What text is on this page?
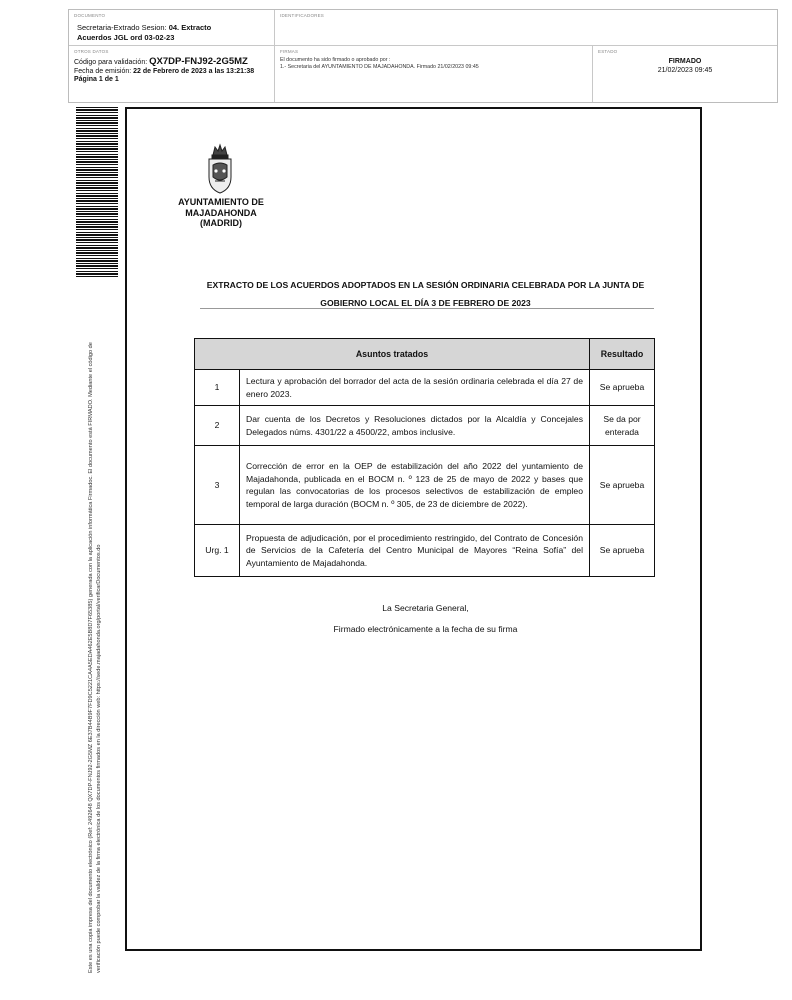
DOCUMENTO
Secretaria-Extrado Sesion: 04. Extracto
Acuerdos JGL ord 03-02-23
IDENTIFICADORES
OTROS DATOS
Código para validación: QX7DP-FNJ92-2G5MZ
Fecha de emisión: 22 de Febrero de 2023 a las 13:21:38
Página 1 de 1
FIRMAS
El documento ha sido firmado o aprobado por :
1.- Secretaria del AYUNTAMIENTO DE MAJADAHONDA. Firmado 21/02/2023 09:45
ESTADO
FIRMADO
21/02/2023 09:45
Este es una copia impresa del documento electrónico (Ref: 2492648 QX7DP-FNJ92-2G5MZ 6E37B44B9F7FD9C5221CA4A5EDA462E5B8D7F65385) generada con la aplicación informática Firmadoc. El documento está FIRMADO. Mediante el código de verificación puede comprobar la validez de la firma electrónica de los documentos firmados en la dirección web: https://sede.majadahonda.org/portal/verificarDocumentos.do
AYUNTAMIENTO DE
MAJADAHONDA
(MADRID)
EXTRACTO DE LOS ACUERDOS ADOPTADOS EN LA SESIÓN ORDINARIA CELEBRADA POR LA JUNTA DE
GOBIERNO LOCAL EL DÍA 3 DE FEBRERO DE 2023
Asuntos tratados		Resultado
1	Lectura y aprobación del borrador del acta de la sesión ordinaria celebrada el día 27 de enero 2023.	Se aprueba
2	Dar cuenta de los Decretos y Resoluciones dictados por la Alcaldía y Concejales Delegados núms. 4301/22 a 4500/22, ambos inclusive.	Se da por enterada
3	Corrección de error en la OEP de estabilización del año 2022 del yuntamiento de Majadahonda, publicada en el BOCM n. º 123 de 25 de mayo de 2022 y bases que regulan las convocatorias de los procesos selectivos de estabilización de empleo temporal de larga duración (BOCM n. º 305, de 23 de diciembre de 2022).	Se aprueba
Urg. 1	Propuesta de adjudicación, por el procedimiento restringido, del Contrato de Concesión de Servicios de la Cafetería del Centro Municipal de Mayores “Reina Sofía” del Ayuntamiento de Majadahonda.	Se aprueba
La Secretaria General,
Firmado electrónicamente a la fecha de su firma
